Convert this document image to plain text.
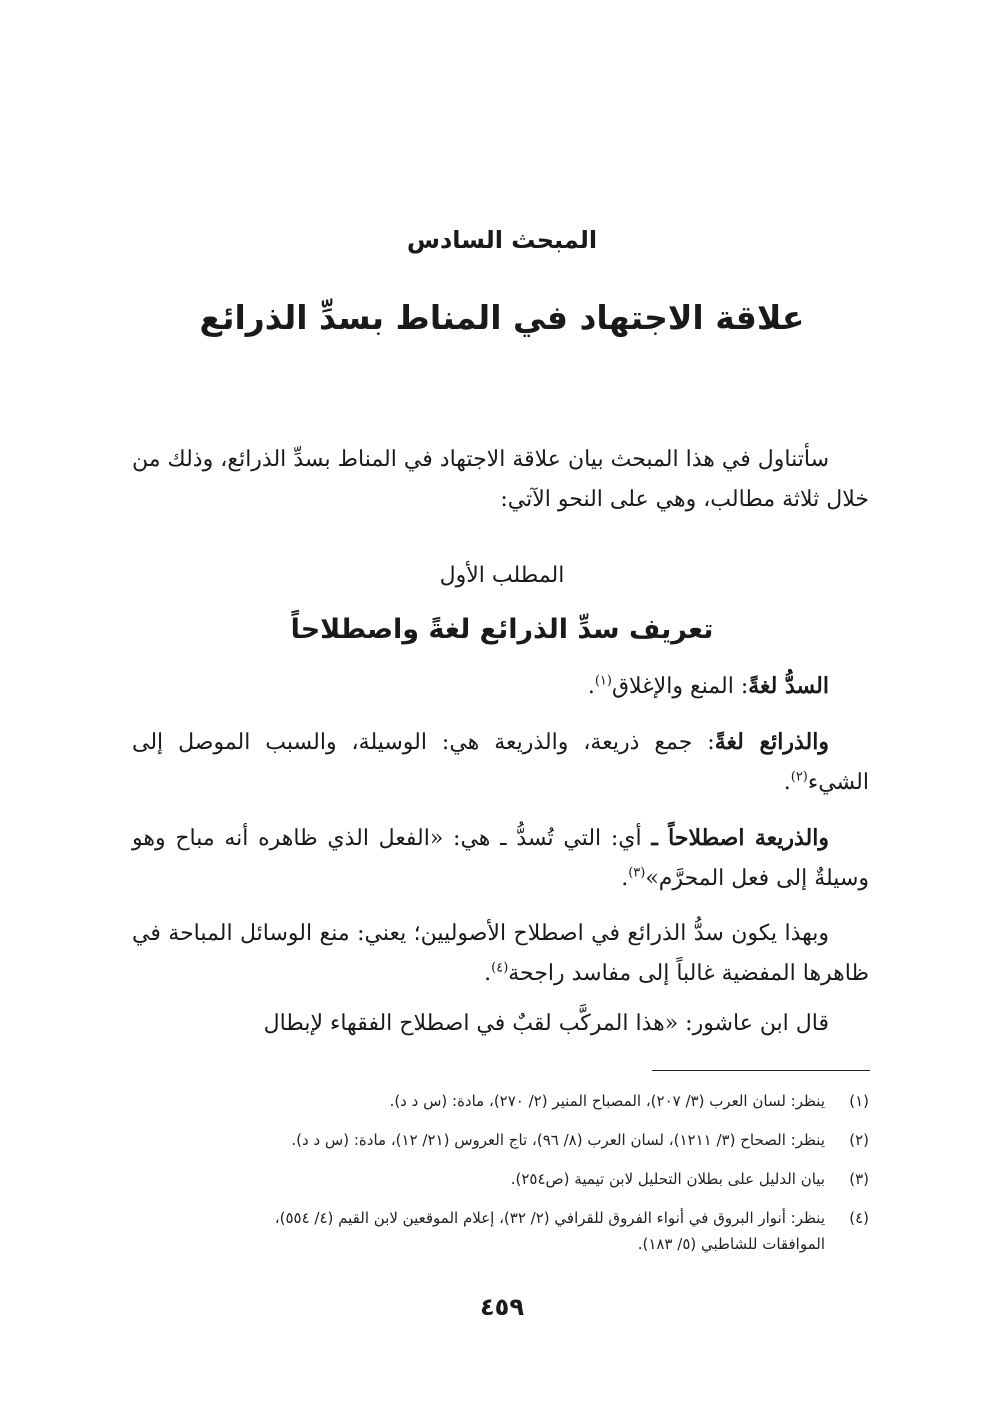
المبحث السادس
علاقة الاجتهاد في المناط بسدِّ الذرائع
سأتناول في هذا المبحث بيان علاقة الاجتهاد في المناط بسدِّ الذرائع، وذلك من خلال ثلاثة مطالب، وهي على النحو الآتي:
المطلب الأول
تعريف سدِّ الذرائع لغةً واصطلاحاً
السدُّ لغةً: المنع والإغلاق$^{(١)}$.
والذرائع لغةً: جمع ذريعة، والذريعة هي: الوسيلة، والسبب الموصل إلى الشيء$^{(٢)}$.
والذريعة اصطلاحاً ـ أي: التي تُسدُّ ـ هي: «الفعل الذي ظاهره أنه مباح وهو وسيلةٌ إلى فعل المحرَّم»$^{(٣)}$.
وبهذا يكون سدُّ الذرائع في اصطلاح الأصوليين؛ يعني: منع الوسائل المباحة في ظاهرها المفضية غالباً إلى مفاسد راجحة$^{(٤)}$.
قال ابن عاشور: «هذا المركَّب لقبٌ في اصطلاح الفقهاء لإبطال
(١)ينظر: لسان العرب (٣/ ٢٠٧)، المصباح المنير (٢/ ٢٧٠)، مادة: (س د د).
(٢)ينظر: الصحاح (٣/ ١٢١١)، لسان العرب (٨/ ٩٦)، تاج العروس (٢١/ ١٢)، مادة: (س د د).
(٣)بيان الدليل على بطلان التحليل لابن تيمية (ص٢٥٤).
(٤)ينظر: أنوار البروق في أنواء الفروق للقرافي (٢/ ٣٢)، إعلام الموقعين لابن القيم (٤/ ٥٥٤)،
الموافقات للشاطبي (٥/ ١٨٣).
٤٥٩
